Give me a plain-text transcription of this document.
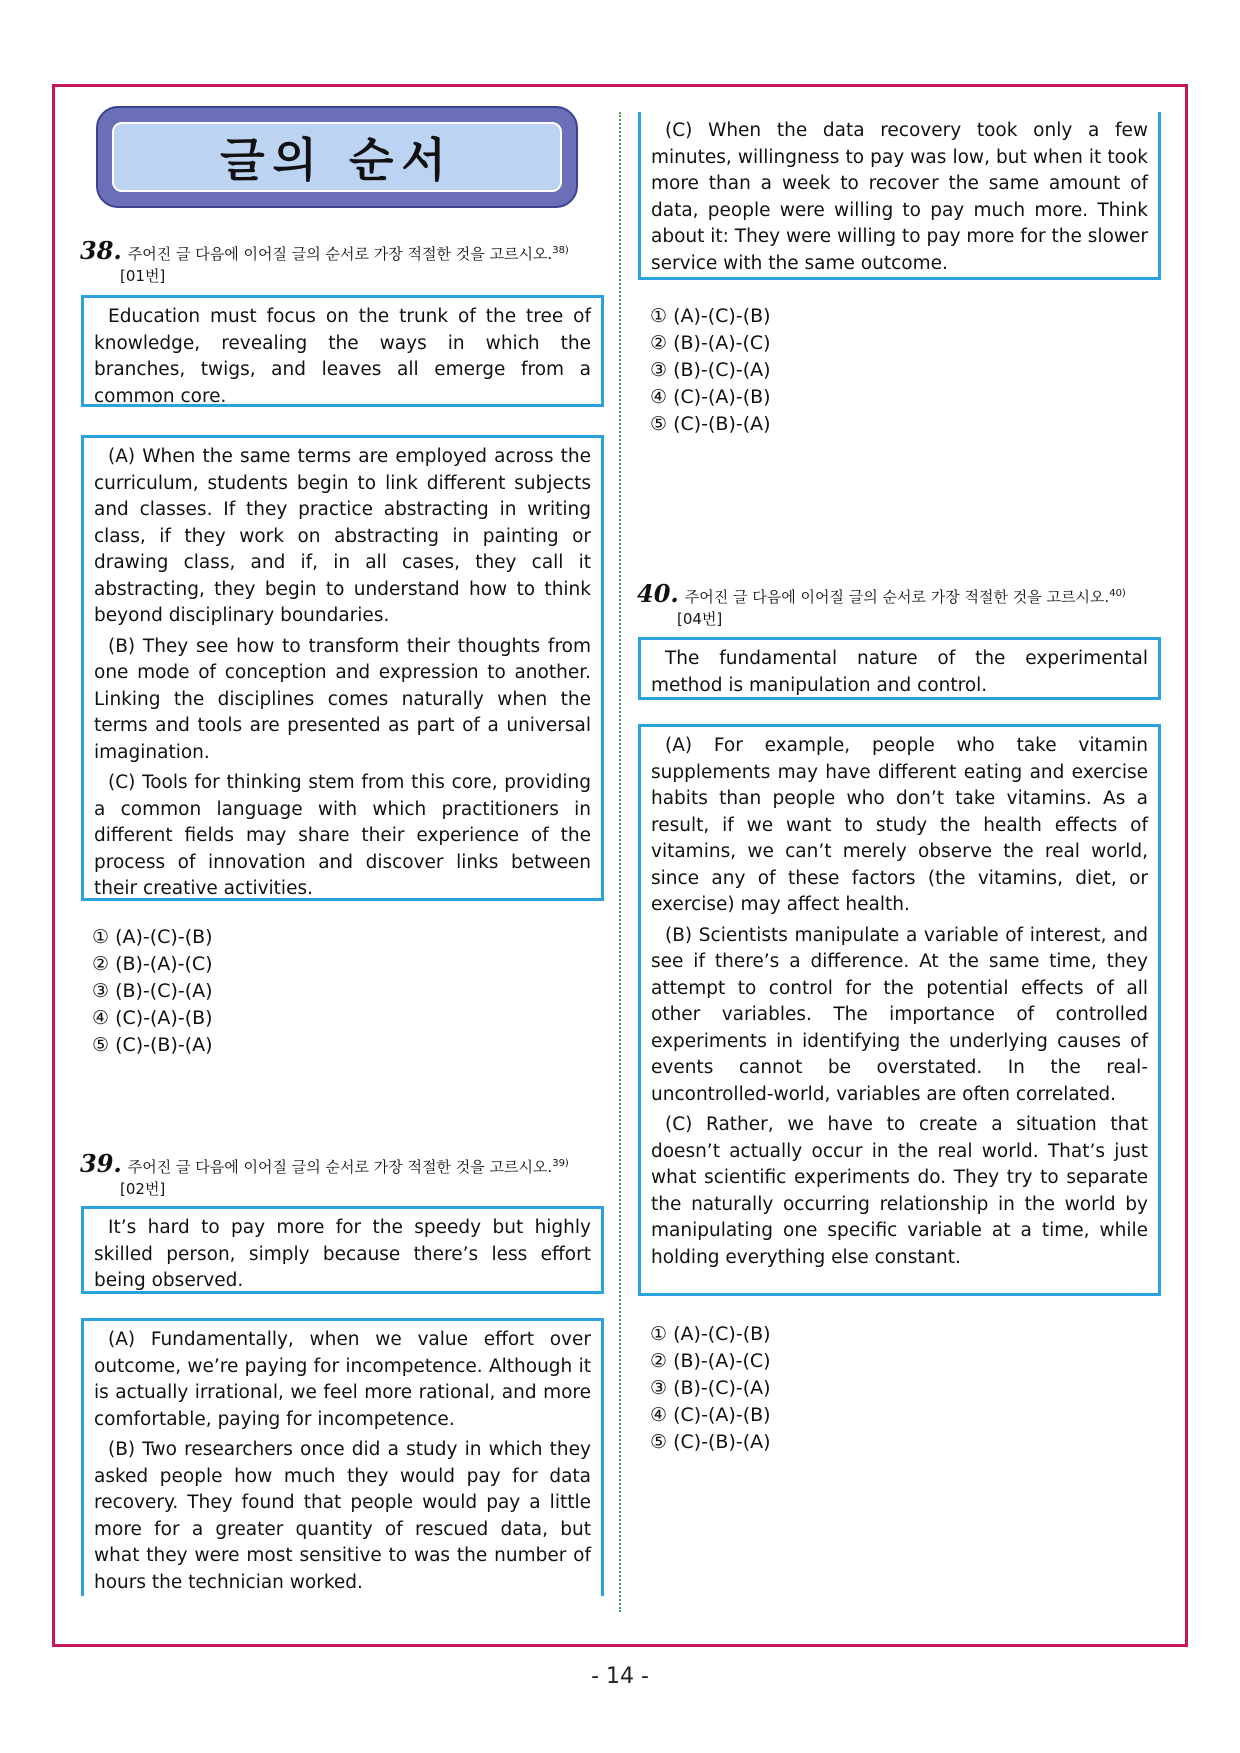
글의 순서
38. 주어진 글 다음에 이어질 글의 순서로 가장 적절한 것을 고르시오.$^{38)}$
[01번]

Education must focus on the trunk of the tree of knowledge, revealing the ways in which the branches, twigs, and leaves all emerge from a common core.

(A) When the same terms are employed across the curriculum, students begin to link different subjects and classes. If they practice abstracting in writing class, if they work on abstracting in painting or drawing class, and if, in all cases, they call it abstracting, they begin to understand how to think beyond disciplinary boundaries.

(B) They see how to transform their thoughts from one mode of conception and expression to another. Linking the disciplines comes naturally when the terms and tools are presented as part of a universal imagination.

(C) Tools for thinking stem from this core, providing a common language with which practitioners in different fields may share their experience of the process of innovation and discover links between their creative activities.

① (A)-(C)-(B)② (B)-(A)-(C) ③ (B)-(C)-(A)④ (C)-(A)-(B) ⑤ (C)-(B)-(A)
39. 주어진 글 다음에 이어질 글의 순서로 가장 적절한 것을 고르시오.$^{39)}$
[02번]

It’s hard to pay more for the speedy but highly skilled person, simply because there’s less effort being observed.

(A) Fundamentally, when we value effort over outcome, we’re paying for incompetence. Although it is actually irrational, we feel more rational, and more comfortable, paying for incompetence.

(B) Two researchers once did a study in which they asked people how much they would pay for data recovery. They found that people would pay a little more for a greater quantity of rescued data, but what they were most sensitive to was the number of hours the technician worked.

(C) When the data recovery took only a few minutes, willingness to pay was low, but when it took more than a week to recover the same amount of data, people were willing to pay much more. Think about it: They were willing to pay more for the slower service with the same outcome.

① (A)-(C)-(B)② (B)-(A)-(C) ③ (B)-(C)-(A)④ (C)-(A)-(B) ⑤ (C)-(B)-(A)
40. 주어진 글 다음에 이어질 글의 순서로 가장 적절한 것을 고르시오.$^{40)}$
[04번]

The fundamental nature of the experimental method is manipulation and control.

(A) For example, people who take vitamin supplements may have different eating and exercise habits than people who don’t take vitamins. As a result, if we want to study the health effects of vitamins, we can’t merely observe the real world, since any of these factors (the vitamins, diet, or exercise) may affect health.

(B) Scientists manipulate a variable of interest, and see if there’s a difference. At the same time, they attempt to control for the potential effects of all other variables. The importance of controlled experiments in identifying the underlying causes of events cannot be overstated. In the real-uncontrolled-world, variables are often correlated.

(C) Rather, we have to create a situation that doesn’t actually occur in the real world. That’s just what scientific experiments do. They try to separate the naturally occurring relationship in the world by manipulating one specific variable at a time, while holding everything else constant.

① (A)-(C)-(B)② (B)-(A)-(C) ③ (B)-(C)-(A)④ (C)-(A)-(B) ⑤ (C)-(B)-(A)
- 14 -
